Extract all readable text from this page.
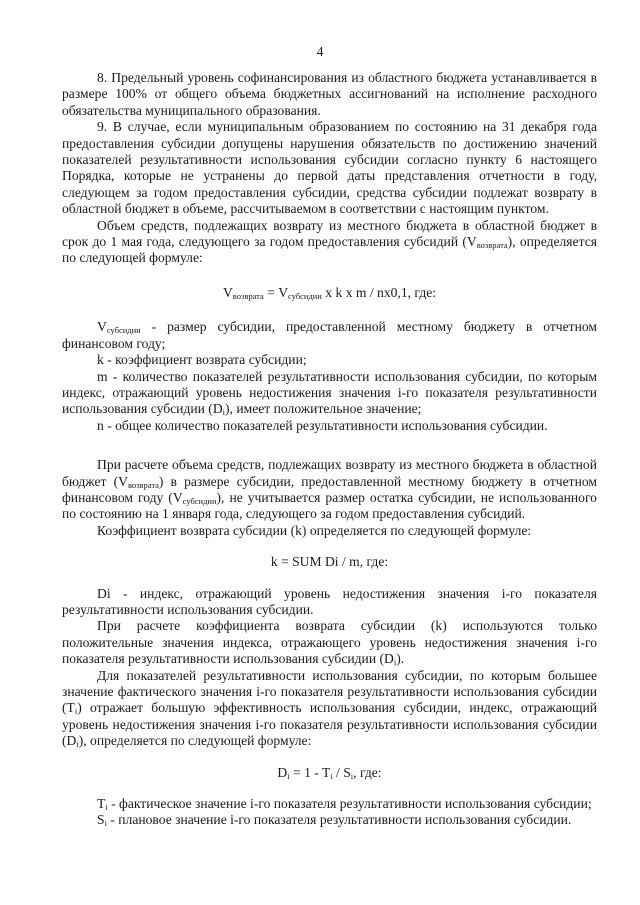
4

8. Предельный уровень софинансирования из областного бюджета устанавливается в размере 100% от общего объема бюджетных ассигнований на исполнение расходного обязательства муниципального образования.

9. В случае, если муниципальным образованием по состоянию на 31 декабря года предоставления субсидии допущены нарушения обязательств по достижению значений показателей результативности использования субсидии согласно пункту 6 настоящего Порядка, которые не устранены до первой даты представления отчетности в году, следующем за годом предоставления субсидии, средства субсидии подлежат возврату в областной бюджет в объеме, рассчитываемом в соответствии с настоящим пунктом.

Объем средств, подлежащих возврату из местного бюджета в областной бюджет в срок до 1 мая года, следующего за годом предоставления субсидий $(V_{возврата})$, определяется по следующей формуле:

$V_{возврата} = V_{субсидии}$ x k x m / nx0,1, где:

$V_{субсидии}$ - размер субсидии, предоставленной местному бюджету в отчетном финансовом году;

k - коэффициент возврата субсидии;

m - количество показателей результативности использования субсидии, по которым индекс, отражающий уровень недостижения значения i-го показателя результативности использования субсидии $(D_i)$, имеет положительное значение;

n - общее количество показателей результативности использования субсидии.

При расчете объема средств, подлежащих возврату из местного бюджета в областной бюджет $(V_{возврата})$ в размере субсидии, предоставленной местному бюджету в отчетном финансовом году $(V_{субсидии})$, не учитывается размер остатка субсидии, не использованного по состоянию на 1 января года, следующего за годом предоставления субсидий.

Коэффициент возврата субсидии (k) определяется по следующей формуле:

k = SUM Di / m, где:

Di - индекс, отражающий уровень недостижения значения i-го показателя результативности использования субсидии.

При расчете коэффициента возврата субсидии (k) используются только положительные значения индекса, отражающего уровень недостижения значения i-го показателя результативности использования субсидии $(D_i)$.

Для показателей результативности использования субсидии, по которым большее значение фактического значения i-го показателя результативности использования субсидии $(T_i)$ отражает большую эффективность использования субсидии, индекс, отражающий уровень недостижения значения i-го показателя результативности использования субсидии $(D_i)$, определяется по следующей формуле:

$D_i = 1 - T_i / S_i$, где:

$T_i$ - фактическое значение i-го показателя результативности использования субсидии;

$S_i$ - плановое значение i-го показателя результативности использования субсидии.
